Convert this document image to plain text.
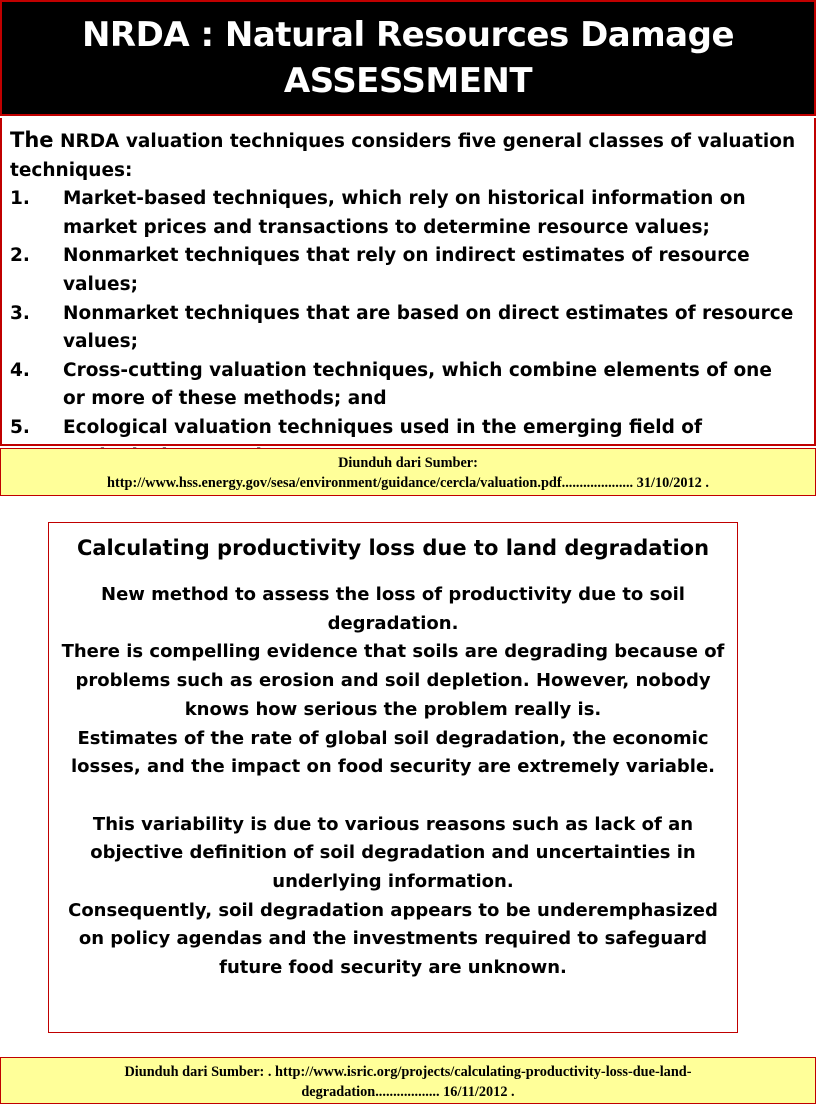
NRDA : Natural Resources Damage
ASSESSMENT

The NRDA valuation techniques considers five general classes of valuation techniques:

1.	Market-based techniques, which rely on historical information on market prices and transactions to determine resource values;
2.	Nonmarket techniques that rely on indirect estimates of resource values;
3.	Nonmarket techniques that are based on direct estimates of resource values;
4.	Cross-cutting valuation techniques, which combine elements of one or more of these methods; and
5.	Ecological valuation techniques used in the emerging field of
Diunduh dari Sumber:
http://www.hss.energy.gov/sesa/environment/guidance/cercla/valuation.pdf.................... 31/10/2012 .
Calculating productivity loss due to land degradation

New method to assess the loss of productivity due to soil degradation.

There is compelling evidence that soils are degrading because of problems such as erosion and soil depletion. However, nobody knows how serious the problem really is.

Estimates of the rate of global soil degradation, the economic losses, and the impact on food security are extremely variable.

This variability is due to various reasons such as lack of an objective definition of soil degradation and uncertainties in underlying information.

Consequently, soil degradation appears to be underemphasized on policy agendas and the investments required to safeguard future food security are unknown.

Diunduh dari Sumber: . http://www.isric.org/projects/calculating-productivity-loss-due-land-
degradation.................. 16/11/2012 .
